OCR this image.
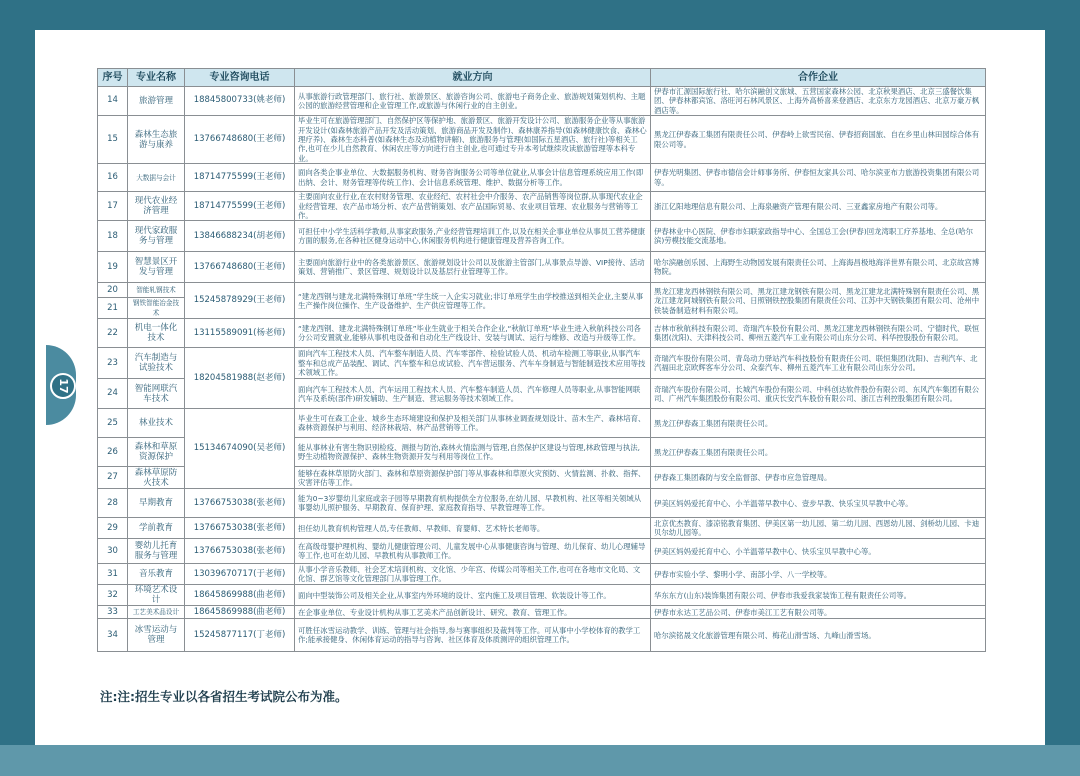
17
序号	专业名称	专业咨询电话	就业方向	合作企业
14	旅游管理	18845800733(姚老师)	从事旅游行政管理部门、旅行社、旅游景区、旅游咨询公司、旅游电子商务企业、旅游规划策划机构、主题公园的旅游经营管理和企业管理工作,或旅游与休闲行业的自主创业。	伊春市汇源国际旅行社、哈尔滨融创文旅城、五营国家森林公园、北京秋果酒店、北京三盛餐饮集团、伊春林都宾馆、洛旺河石林风景区、上海外高桥喜来登酒店、北京东方龙园酒店、北京万豪万枫酒店等。
15	森林生态旅游与康养	13766748680(王老师)	毕业生可在旅游管理部门、自然保护区等保护地、旅游景区、旅游开发设计公司、旅游服务企业等从事旅游开发设计(如森林旅游产品开发及活动策划、旅游商品开发及制作)、森林康养指导(如森林健康饮食、森林心理疗养)、森林生态科普(如森林生态及动植物讲解)、旅游服务与管理(如国际五星酒店、旅行社)等相关工作,也可在少儿自然教育、休闲农庄等方向进行自主创业,也可通过专升本考试继续攻读旅游管理等本科专业。	黑龙江伊春森工集团有限责任公司、伊春岭上欲雪民宿、伊春招商国旅、自在乡里山林田园综合体有限公司等。
16	大数据与会计	18714775599(王老师)	面向各类企事业单位、大数据服务机构、财务咨询服务公司等单位就业,从事会计信息管理系统应用工作(即出纳、会计、财务管理等传统工作)、会计信息系统管理、维护、数据分析等工作。	伊春光明集团、伊春市德信会计师事务所、伊春恒友家具公司、哈尔滨亚布力旅游投资集团有限公司等。
17	现代农业经济管理	18714775599(王老师)	主要面向农业行业,在农村财务管理、农业经纪、农村社会中介服务、农产品销售等岗位群,从事现代农业企业经营管理、农产品市场分析、农产品营销策划、农产品国际贸易、农业项目管理、农业服务与营销等工作。	浙江亿阳地理信息有限公司、上海泉融资产管理有限公司、三亚鑫家房地产有限公司等。
18	现代家政服务与管理	13846688234(胡老师)	可担任中小学生活科学教师,从事家政服务,产业经营管理培训工作,以及在相关企事业单位从事员工营养健康方面的服务,在各种社区健身运动中心,休闲服务机构进行健康管理及营养咨询工作。	伊春林业中心医院、伊春市妇联家政指导中心、全国总工会(伊春)回龙湾职工疗养基地、全总(哈尔滨)劳模技能交流基地。
19	智慧景区开发与管理	13766748680(王老师)	主要面向旅游行业中的各类旅游景区、旅游规划设计公司以及旅游主管部门,从事景点导游、VIP接待、活动策划、营销推广、景区管理、规划设计以及基层行业管理等工作。	哈尔滨融创乐园、上海野生动物园发展有限责任公司、上海海昌极地海洋世界有限公司、北京故宫博物院。
20	智能轧钢技术	15245878929(王老师)	“建龙西钢与建龙北满特殊钢订单班”学生统一入企实习就业;非订单班学生由学校推送到相关企业,主要从事生产操作岗位操作、生产设备维护、生产供应管理等工作。	黑龙江建龙西林钢铁有限公司、黑龙江建龙钢铁有限公司、黑龙江建龙北满特殊钢有限责任公司、黑龙江建龙阿城钢铁有限公司、日照钢铁控股集团有限责任公司、江苏中天钢铁集团有限公司、沧州中铁装备制造材料有限公司。
21	钢铁智能冶金技术			
22	机电一体化技术	13115589091(杨老师)	“建龙西钢、建龙北满特殊钢订单班”毕业生就业于相关合作企业,“秋航订单班”毕业生进入秋航科技公司各分公司安置就业,能够从事机电设备和自动化生产线设计、安装与调试、运行与维修、改造与升级等工作。	吉林市秋航科技有限公司、奇瑞汽车股份有限公司、黑龙江建龙西林钢铁有限公司、宁德时代、联恒集团(沈阳)、天津科技公司、柳州五菱汽车工业有限公司山东分公司、科华控股股份有限公司。
23	汽车制造与试验技术	18204581988(赵老师)	面向汽车工程技术人员、汽车整车制造人员、汽车零部件、检验试验人员、机动车检测工等职业,从事汽车整车和总成产品装配、调试、汽车整车和总成试验、汽车营运服务、汽车车身制造与智能制造技术应用等技术领域工作。	奇瑞汽车股份有限公司、青岛动力驿站汽车科技股份有限责任公司、联恒集团(沈阳)、吉利汽车、北汽福田北京欧辉客车分公司、众泰汽车、柳州五菱汽车工业有限公司山东分公司。
24	智能网联汽车技术		面向汽车工程技术人员、汽车运用工程技术人员、汽车整车制造人员、汽车修理人员等职业,从事智能网联汽车及系统(部件)研发辅助、生产制造、营运服务等技术领域工作。	奇瑞汽车股份有限公司、长城汽车股份有限公司、中科创达软件股份有限公司、东风汽车集团有限公司、广州汽车集团股份有限公司、重庆长安汽车股份有限公司、浙江吉利控股集团有限公司。
25	林业技术	15134674090(吴老师)	毕业生可在森工企业、城乡生态环境建设和保护及相关部门从事林业调查规划设计、苗木生产、森林培育、森林资源保护与利用、经济林栽培、林产品营销等工作。	黑龙江伊春森工集团有限责任公司。
26	森林和草原资源保护		能从事林业有害生物识别检疫、测报与防治,森林火情监测与管理,自然保护区建设与管理,林政管理与执法,野生动植物资源保护、森林生物资源开发与利用等岗位工作。	黑龙江伊春森工集团有限责任公司。
27	森林草原防火技术		能够在森林草原防火部门、森林和草原资源保护部门等从事森林和草原火灾预防、火情监测、扑救、指挥、灾害评估等工作。	伊春森工集团森防与安全监督部、伊春市应急管理局。
28	早期教育	13766753038(张老师)	能为0~3岁婴幼儿家庭或亲子园等早期教育机构提供全方位服务,在幼儿园、早教机构、社区等相关领域从事婴幼儿照护服务、早期教育、保育护理、家庭教育指导、早教管理等工作。	伊美区妈妈爱托育中心、小羊温蒂早教中心、壹步早教、快乐宝贝早教中心等。
29	学前教育	13766753038(张老师)	担任幼儿教育机构管理人员,专任教师、早教师、育婴师、艺术特长老师等。	北京优杰教育、漆凉铭教育集团、伊美区第一幼儿园、第二幼儿园、西恩幼儿园、剑桥幼儿园、卡迪贝尔幼儿园等。
30	婴幼儿托育服务与管理	13766753038(张老师)	在高级母婴护理机构、婴幼儿健康管理公司、儿童发展中心从事健康咨询与管理、幼儿保育、幼儿心理辅导等工作,也可在幼儿园、早教机构从事教师工作。	伊美区妈妈爱托育中心、小羊温蒂早教中心、快乐宝贝早教中心等。
31	音乐教育	13039670717(于老师)	从事小学音乐教师、社会艺术培训机构、文化馆、少年宫、传媒公司等相关工作,也可在各地市文化局、文化馆、群艺馆等文化管理部门从事管理工作。	伊春市实验小学、黎明小学、南部小学、八一学校等。
32	环境艺术设计	18645869988(曲老师)	面向中型装饰公司及相关企业,从事室内外环境的设计、室内施工及项目管理、软装设计等工作。	华东东方(山东)装饰集团有限公司、伊春市我爱我家装饰工程有限责任公司等。
33	工艺美术品设计	18645869988(曲老师)	在企事业单位、专业设计机构从事工艺美术产品创新设计、研究、教育、管理工作。	伊春市永达工艺品公司、伊春市美江工艺有限公司等。
34	冰雪运动与管理	15245877117(丁老师)	可胜任冰雪运动教学、训练、管理与社会指导,参与赛事组织及裁判等工作。可从事中小学校体育的教学工作;能承接健身、休闲体育运动的指导与咨询、社区体育及体质测评的组织管理工作。	哈尔滨铭晟文化旅游管理有限公司、梅花山滑雪场、九峰山滑雪场。
注:注:招生专业以各省招生考试院公布为准。
